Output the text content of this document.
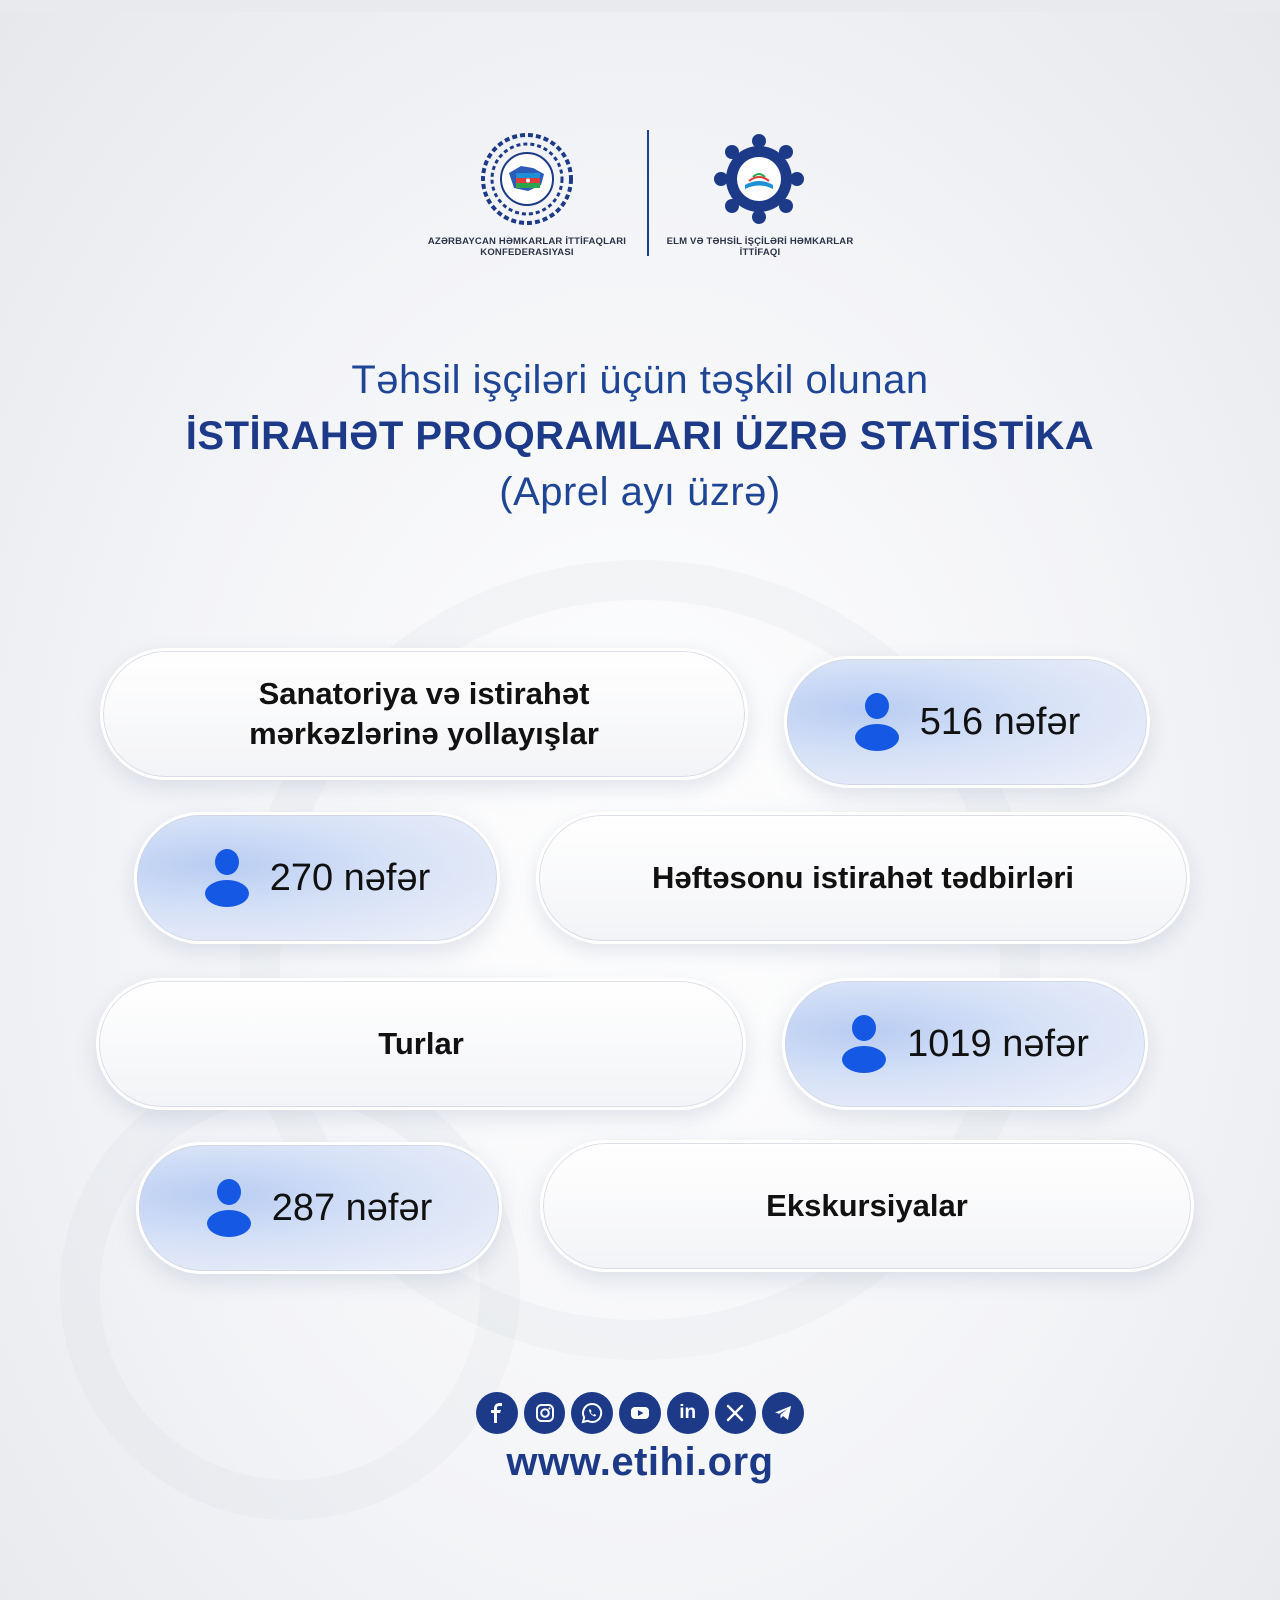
AZƏRBAYCAN HƏMKARLAR İTTİFAQLARI KONFEDERASIYASI
ELM VƏ TƏHSİL İŞÇİLƏRİ HƏMKARLAR İTTİFAQI
Təhsil işçiləri üçün təşkil olunan
İSTİRAHƏT PROQRAMLARI ÜZRƏ STATİSTİKA
(Aprel ayı üzrə)
Sanatoriya və istirahət mərkəzlərinə yollayışlar	516 nəfər
270 nəfər	Həftəsonu istirahət tədbirləri
Turlar	1019 nəfər
287 nəfər	Ekskursiyalar
in
www.etihi.org
